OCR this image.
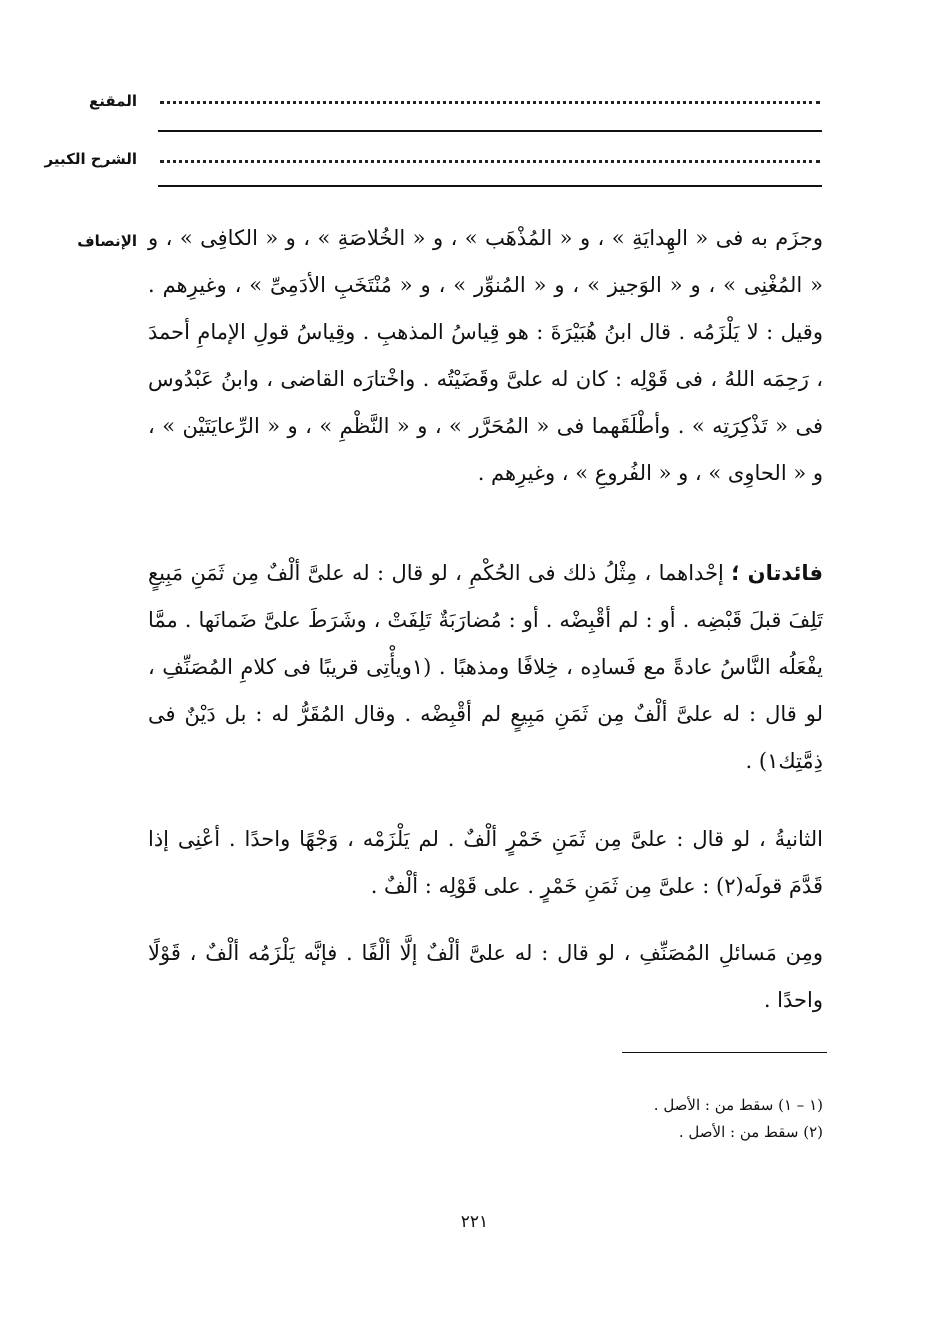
المقنع
الشرح الكبير
الإنصاف وجزَم به فى « الهِدايَةِ » ، و « المُذْهَب » ، و « الخُلاصَةِ » ، و « الكافِى » ، و « المُغْنِى » ، و « الوَجيز » ، و « المُنوِّر » ، و « مُنْتَخَبِ الأدَمِىِّ » ، وغيرِهم . وقيل : لا يَلْزَمُه . قال ابنُ هُبَيْرَةَ : هو قِياسُ المذهبِ . وقِياسُ قولِ الإمامِ أحمدَ ، رَحِمَه اللهُ ، فى قَوْلِه : كان له علىَّ وقَضَيْتُه . واخْتارَه القاضى ، وابنُ عَبْدُوس فى « تَذْكِرَتِه » . وأطْلَقَهما فى « المُحَرَّر » ، و « النَّظْمِ » ، و « الرِّعايَتَيْن » ، و « الحاوِى » ، و « الفُروعِ » ، وغيرِهم .

فائدتان ؛ إحْداهما ، مِثْلُ ذلك فى الحُكْمِ ، لو قال : له علىَّ ألْفٌ مِن ثَمَنِ مَبِيعٍ تَلِفَ قبلَ قَبْضِه . أو : لم أقْبِضْه . أو : مُضارَبَةٌ تَلِفَتْ ، وشَرَطَ علىَّ ضَمانَها . ممَّا يفْعَلُه النَّاسُ عادةً مع فَسادِه ، خِلافًا ومذهبًا . (١ويأْتِى قريبًا فى كلامِ المُصَنِّفِ ، لو قال : له علىَّ ألْفٌ مِن ثَمَنِ مَبِيعٍ لم أقْبِضْه . وقال المُقَرُّ له : بل دَيْنٌ فى ذِمَّتِك١) .

الثانيةُ ، لو قال : علىَّ مِن ثَمَنِ خَمْرٍ ألْفٌ . لم يَلْزَمْه ، وَجْهًا واحدًا . أعْنِى إذا قَدَّمَ قولَه(٢) : علىَّ مِن ثَمَنِ خَمْرٍ . على قَوْلِه : ألْفٌ .

ومِن مَسائلِ المُصَنِّفِ ، لو قال : له علىَّ ألْفٌ إلَّا ألْفًا . فإنَّه يَلْزَمُه ألْفٌ ، قَوْلًا واحدًا .

(١ – ١) سقط من : الأصل .
(٢) سقط من : الأصل .
٢٢١
